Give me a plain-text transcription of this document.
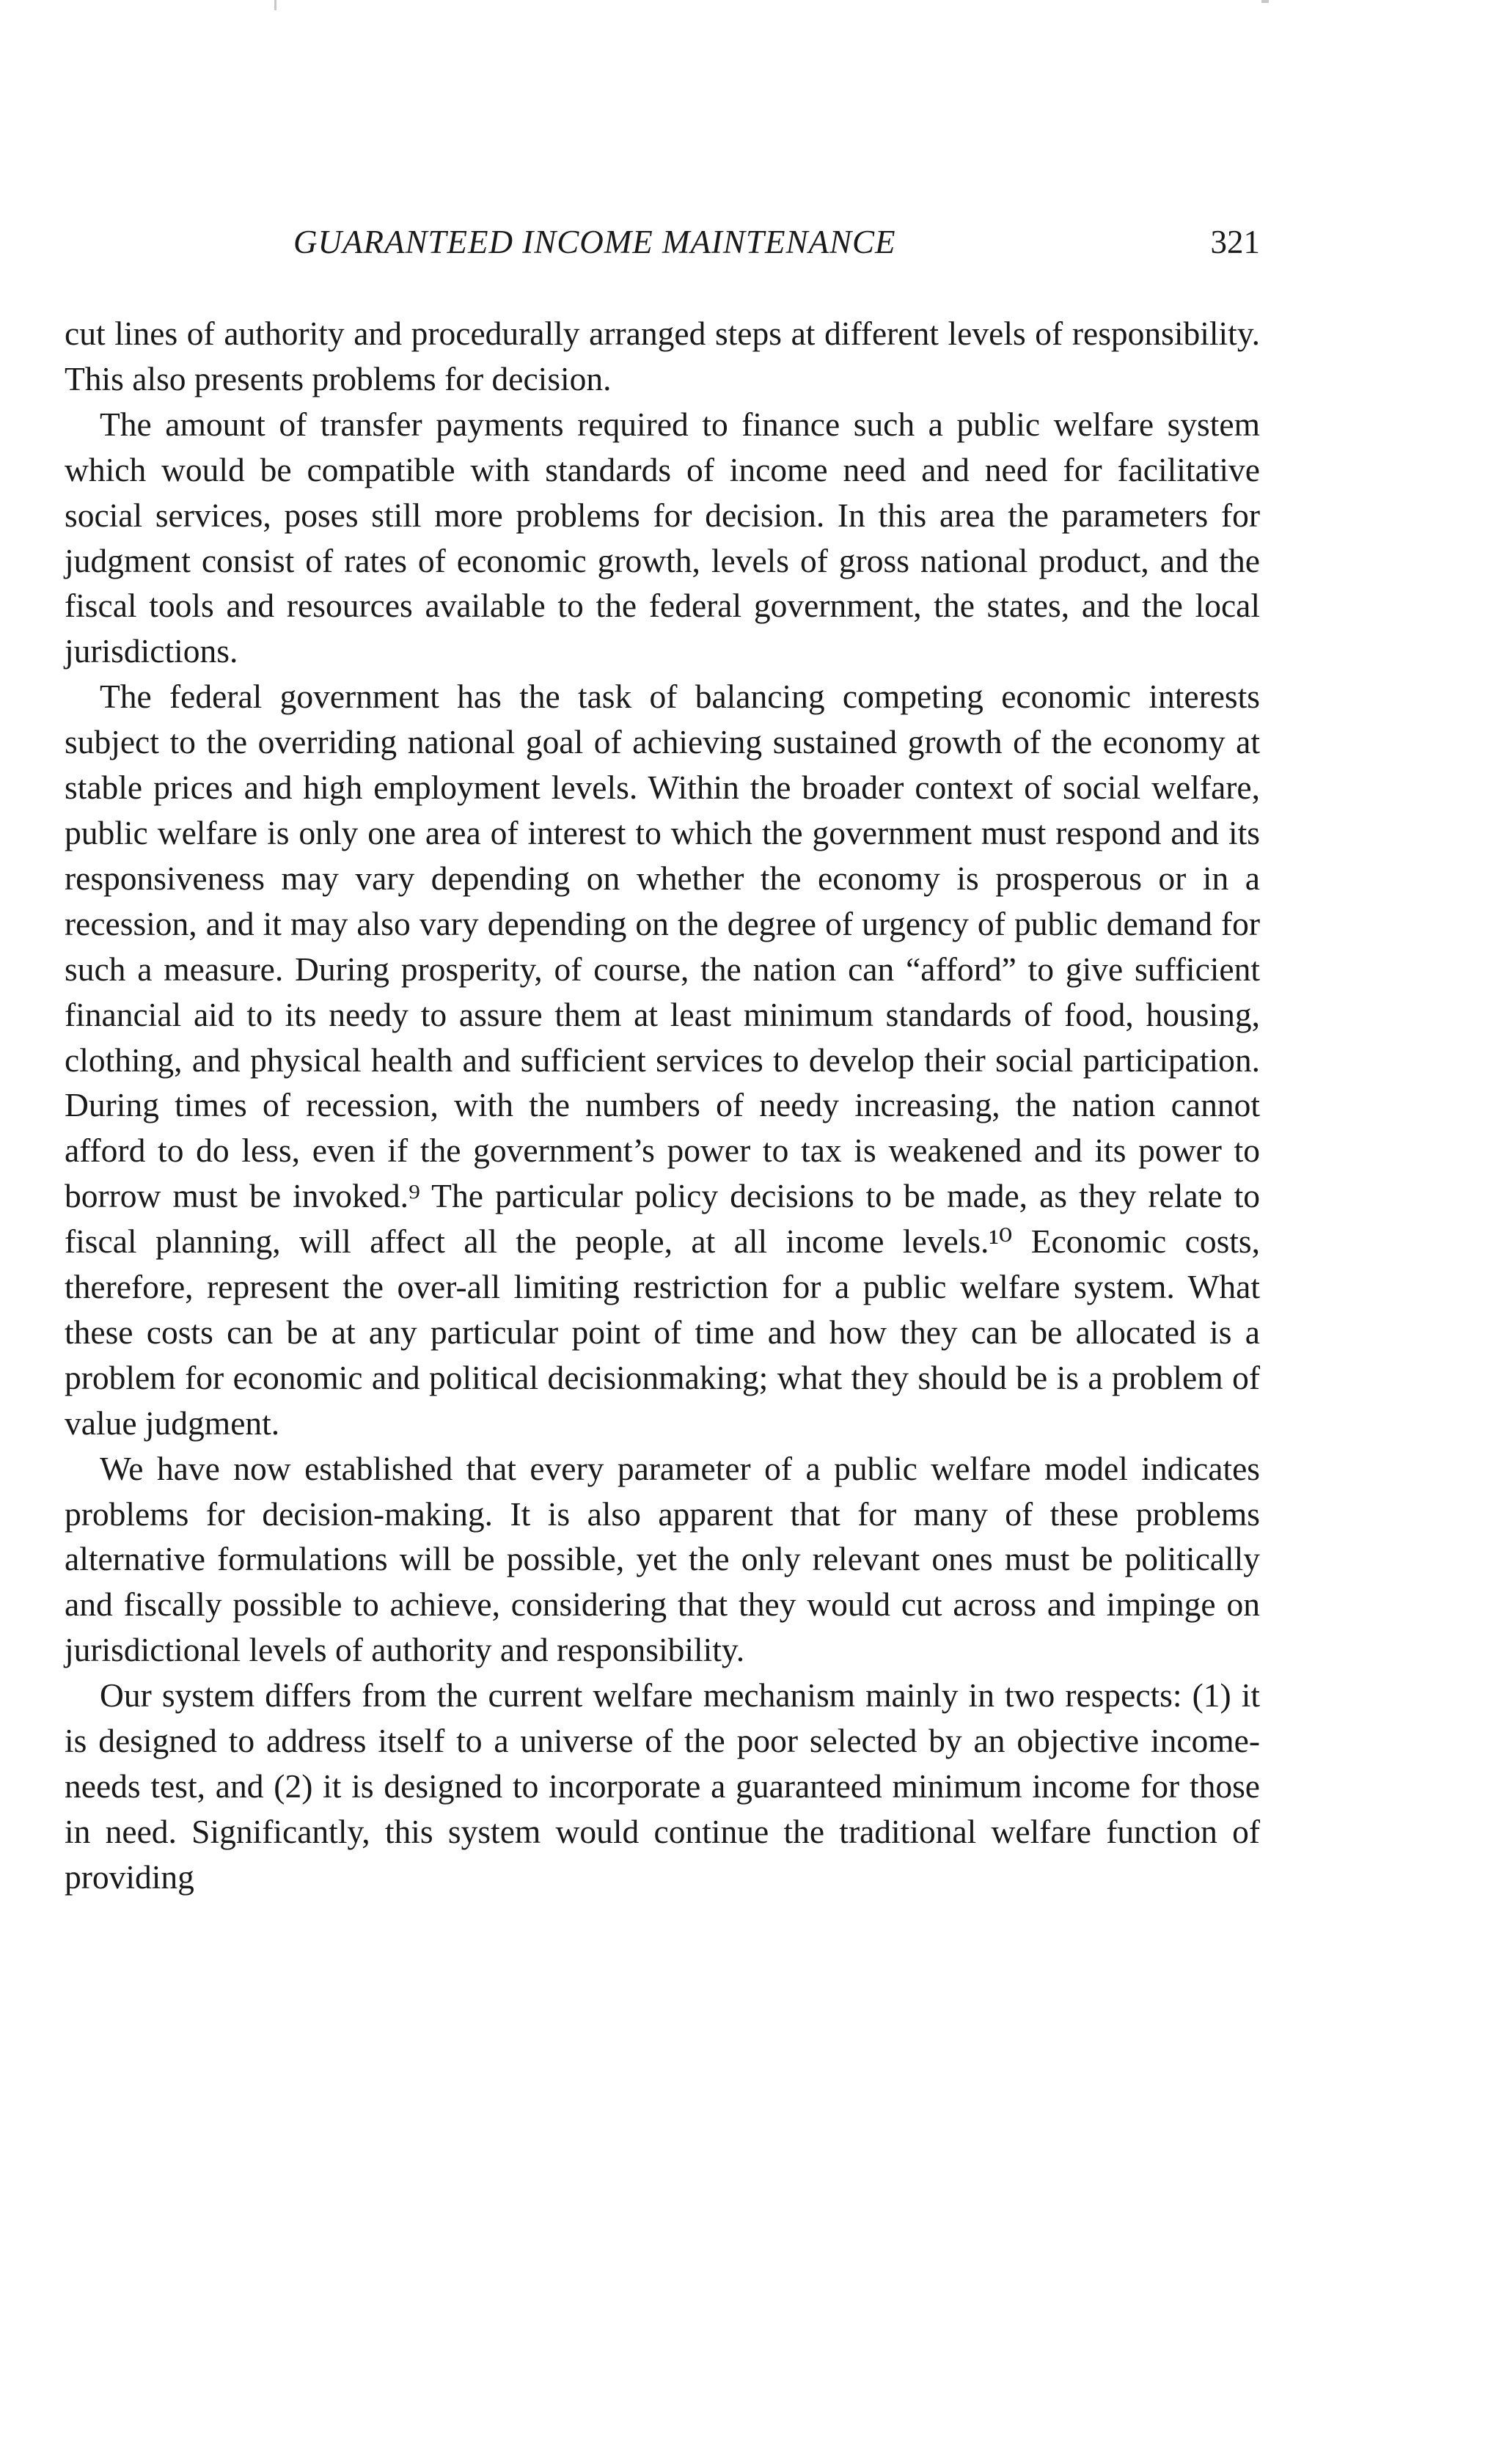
GUARANTEED INCOME MAINTENANCE	321

cut lines of authority and procedurally arranged steps at different levels of responsibility. This also presents problems for decision.

The amount of transfer payments required to finance such a public welfare system which would be compatible with standards of income need and need for facilitative social services, poses still more problems for decision. In this area the parameters for judgment consist of rates of economic growth, levels of gross national product, and the fiscal tools and resources available to the federal government, the states, and the local jurisdictions.

The federal government has the task of balancing competing economic interests subject to the overriding national goal of achieving sustained growth of the economy at stable prices and high employment levels. Within the broader context of social welfare, public welfare is only one area of interest to which the government must respond and its responsiveness may vary depending on whether the economy is prosperous or in a recession, and it may also vary depending on the degree of urgency of public demand for such a measure. During prosperity, of course, the nation can “afford” to give sufficient financial aid to its needy to assure them at least minimum standards of food, housing, clothing, and physical health and sufficient services to develop their social participation. During times of recession, with the numbers of needy increasing, the nation cannot afford to do less, even if the government’s power to tax is weakened and its power to borrow must be invoked.⁹ The particular policy decisions to be made, as they relate to fiscal planning, will affect all the people, at all income levels.¹⁰ Economic costs, therefore, represent the over-all limiting restriction for a public welfare system. What these costs can be at any particular point of time and how they can be allocated is a problem for economic and political decisionmaking; what they should be is a problem of value judgment.

We have now established that every parameter of a public welfare model indicates problems for decision-making. It is also apparent that for many of these problems alternative formulations will be possible, yet the only relevant ones must be politically and fiscally possible to achieve, considering that they would cut across and impinge on jurisdictional levels of authority and responsibility.

Our system differs from the current welfare mechanism mainly in two respects: (1) it is designed to address itself to a universe of the poor selected by an objective income-needs test, and (2) it is designed to incorporate a guaranteed minimum income for those in need. Significantly, this system would continue the traditional welfare function of providing
